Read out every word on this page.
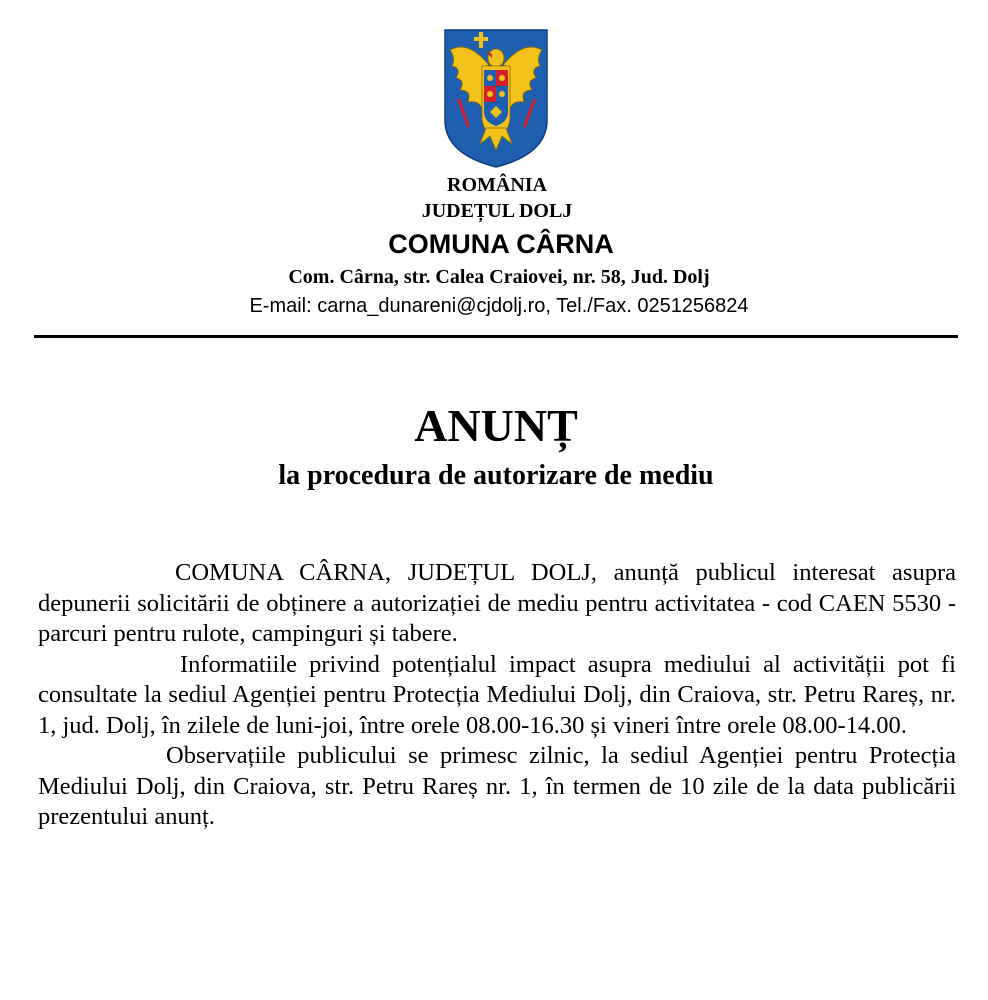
ROMÂNIA
JUDEȚUL DOLJ
COMUNA CÂRNA
Com. Cârna, str. Calea Craiovei, nr. 58, Jud. Dolj
E-mail: carna_dunareni@cjdolj.ro, Tel./Fax. 0251256824
ANUNȚ
la procedura de autorizare de mediu

COMUNA CÂRNA, JUDEȚUL DOLJ, anunță publicul interesat asupra depunerii solicitării de obținere a autorizației de mediu pentru activitatea - cod CAEN 5530 - parcuri pentru rulote, campinguri și tabere.

Informatiile privind potențialul impact asupra mediului al activității pot fi consultate la sediul Agenției pentru Protecția Mediului Dolj, din Craiova, str. Petru Rareș, nr. 1, jud. Dolj, în zilele de luni-joi, între orele 08.00-16.30 și vineri între orele 08.00-14.00.

Observațiile publicului se primesc zilnic, la sediul Agenției pentru Protecția Mediului Dolj, din Craiova, str. Petru Rareș nr. 1, în termen de 10 zile de la data publicării prezentului anunț.
